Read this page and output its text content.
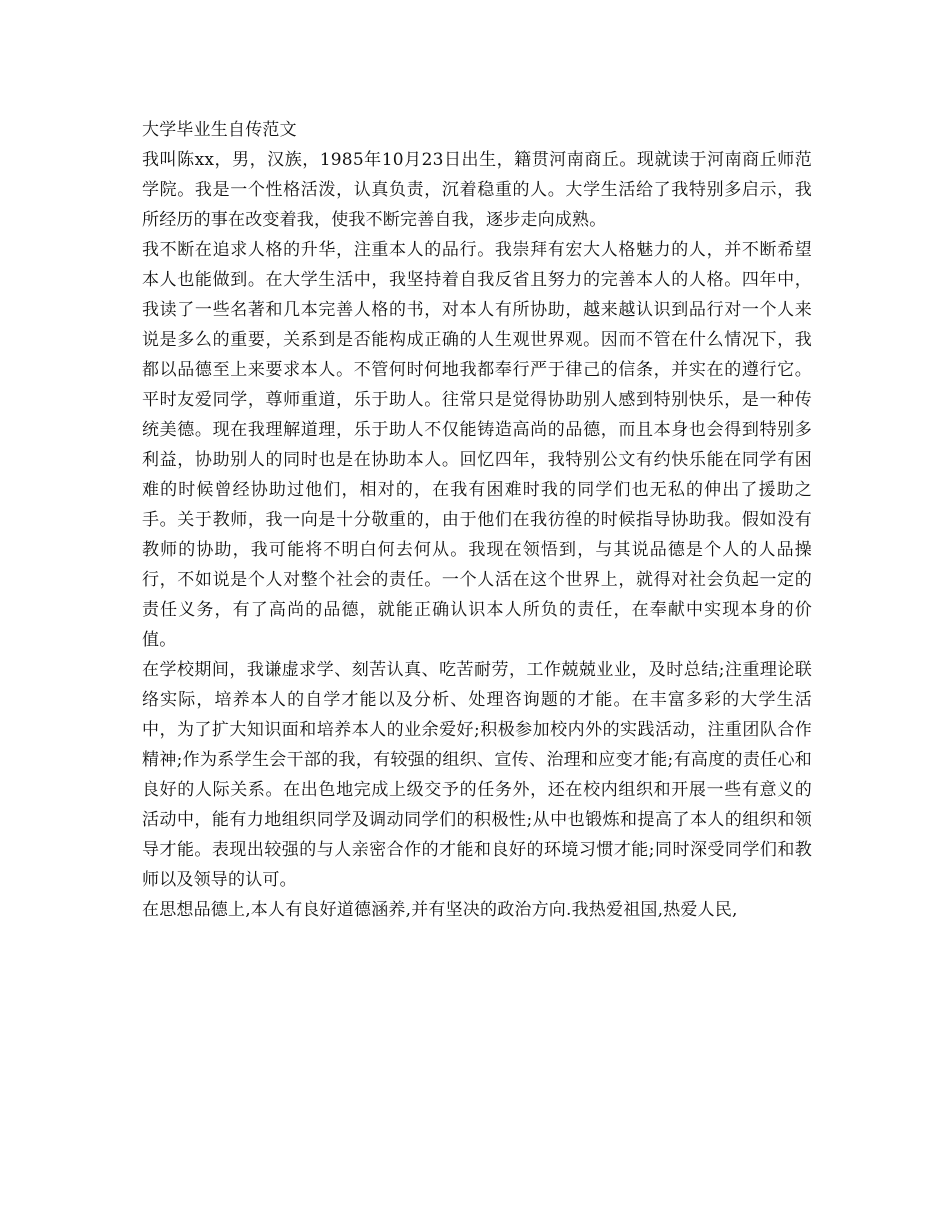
大学毕业生自传范文

我叫陈xx，男，汉族，1985年10月23日出生，籍贯河南商丘。现就读于河南商丘师范学院。我是一个性格活泼，认真负责，沉着稳重的人。大学生活给了我特别多启示，我所经历的事在改变着我，使我不断完善自我，逐步走向成熟。

我不断在追求人格的升华，注重本人的品行。我崇拜有宏大人格魅力的人，并不断希望本人也能做到。在大学生活中，我坚持着自我反省且努力的完善本人的人格。四年中，我读了一些名著和几本完善人格的书，对本人有所协助，越来越认识到品行对一个人来说是多么的重要，关系到是否能构成正确的人生观世界观。因而不管在什么情况下，我都以品德至上来要求本人。不管何时何地我都奉行严于律己的信条，并实在的遵行它。平时友爱同学，尊师重道，乐于助人。往常只是觉得协助别人感到特别快乐，是一种传统美德。现在我理解道理，乐于助人不仅能铸造高尚的品德，而且本身也会得到特别多利益，协助别人的同时也是在协助本人。回忆四年，我特别公文有约快乐能在同学有困难的时候曾经协助过他们，相对的，在我有困难时我的同学们也无私的伸出了援助之手。关于教师，我一向是十分敬重的，由于他们在我彷徨的时候指导协助我。假如没有教师的协助，我可能将不明白何去何从。我现在领悟到，与其说品德是个人的人品操行，不如说是个人对整个社会的责任。一个人活在这个世界上，就得对社会负起一定的责任义务，有了高尚的品德，就能正确认识本人所负的责任，在奉献中实现本身的价值。

在学校期间，我谦虚求学、刻苦认真、吃苦耐劳，工作兢兢业业，及时总结;注重理论联络实际，培养本人的自学才能以及分析、处理咨询题的才能。在丰富多彩的大学生活中，为了扩大知识面和培养本人的业余爱好;积极参加校内外的实践活动，注重团队合作精神;作为系学生会干部的我，有较强的组织、宣传、治理和应变才能;有高度的责任心和良好的人际关系。在出色地完成上级交予的任务外，还在校内组织和开展一些有意义的活动中，能有力地组织同学及调动同学们的积极性;从中也锻炼和提高了本人的组织和领导才能。表现出较强的与人亲密合作的才能和良好的环境习惯才能;同时深受同学们和教师以及领导的认可。

在思想品德上,本人有良好道德涵养,并有坚决的政治方向.我热爱祖国,热爱人民,
